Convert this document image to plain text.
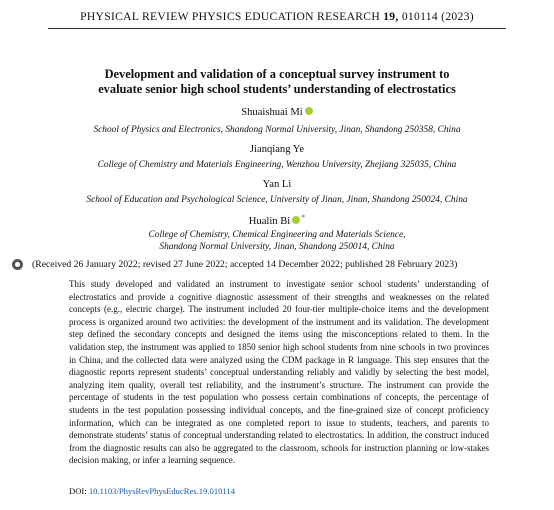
PHYSICAL REVIEW PHYSICS EDUCATION RESEARCH 19, 010114 (2023)
Development and validation of a conceptual survey instrument to
evaluate senior high school students’ understanding of electrostatics
Shuaishuai Mi
School of Physics and Electronics, Shandong Normal University, Jinan, Shandong 250358, China
Jianqiang Ye
College of Chemistry and Materials Engineering, Wenzhou University, Zhejiang 325035, China
Yan Li
School of Education and Psychological Science, University of Jinan, Jinan, Shandong 250024, China
Hualin Bi *
College of Chemistry, Chemical Engineering and Materials Science,
Shandong Normal University, Jinan, Shandong 250014, China
(Received 26 January 2022; revised 27 June 2022; accepted 14 December 2022; published 28 February 2023)
This study developed and validated an instrument to investigate senior school students’ understanding of electrostatics and provide a cognitive diagnostic assessment of their strengths and weaknesses on the related concepts (e.g., electric charge). The instrument included 20 four-tier multiple-choice items and the development process is organized around two activities: the development of the instrument and its validation. The development step defined the secondary concepts and designed the items using the misconceptions related to them. In the validation step, the instrument was applied to 1850 senior high school students from nine schools in two provinces in China, and the collected data were analyzed using the CDM package in R language. This step ensures that the diagnostic reports represent students’ conceptual understanding reliably and validly by selecting the best model, analyzing item quality, overall test reliability, and the instrument’s structure. The instrument can provide the percentage of students in the test population who possess certain combinations of concepts, the percentage of students in the test population possessing individual concepts, and the fine-grained size of concept proficiency information, which can be integrated as one completed report to issue to students, teachers, and parents to demonstrate students’ status of conceptual understanding related to electrostatics. In addition, the construct induced from the diagnostic results can also be aggregated to the classroom, schools for instruction planning or low-stakes decision making, or infer a learning sequence.
DOI: 10.1103/PhysRevPhysEducRes.19.010114
